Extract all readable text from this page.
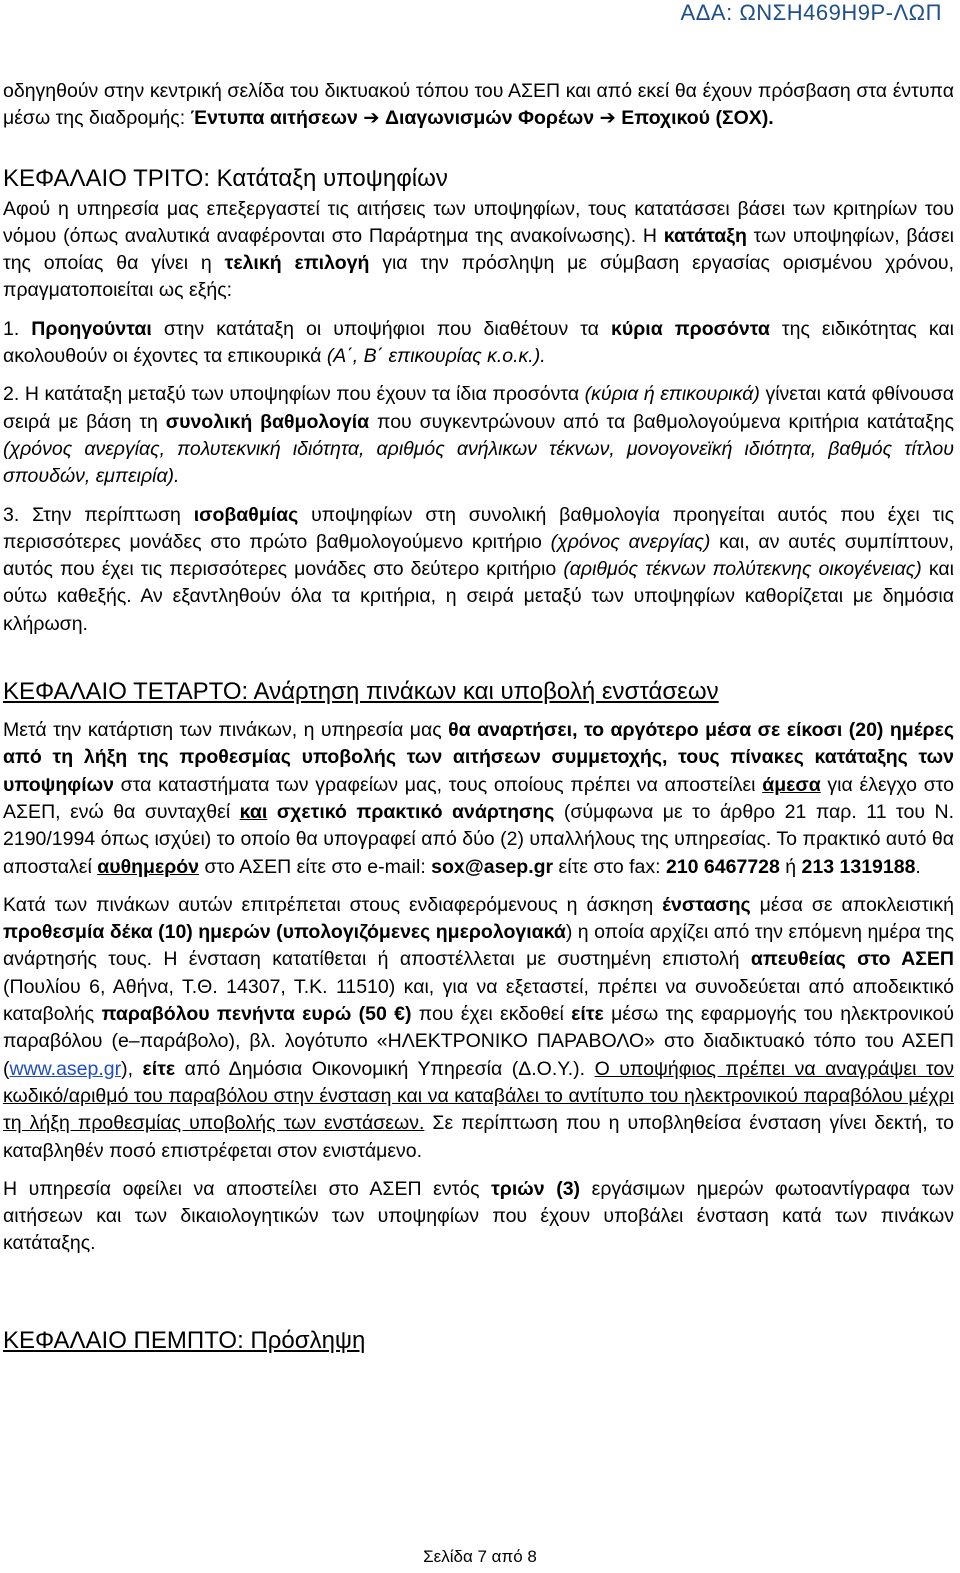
ΑΔΑ: ΩΝΣΗ469Η9Ρ-ΛΩΠ

οδηγηθούν στην κεντρική σελίδα του δικτυακού τόπου του ΑΣΕΠ και από εκεί θα έχουν πρόσβαση στα έντυπα μέσω της διαδρομής: Έντυπα αιτήσεων ➔ Διαγωνισμών Φορέων ➔ Εποχικού (ΣΟΧ).

ΚΕΦΑΛΑΙΟ ΤΡΙΤΟ: Κατάταξη υποψηφίων

Αφού η υπηρεσία μας επεξεργαστεί τις αιτήσεις των υποψηφίων, τους κατατάσσει βάσει των κριτηρίων του νόμου (όπως αναλυτικά αναφέρονται στο Παράρτημα της ανακοίνωσης). Η κατάταξη των υποψηφίων, βάσει της οποίας θα γίνει η τελική επιλογή για την πρόσληψη με σύμβαση εργασίας ορισμένου χρόνου, πραγματοποιείται ως εξής:

1. Προηγούνται στην κατάταξη οι υποψήφιοι που διαθέτουν τα κύρια προσόντα της ειδικότητας και ακολουθούν οι έχοντες τα επικουρικά (Α΄, Β΄ επικουρίας κ.ο.κ.).

2. Η κατάταξη μεταξύ των υποψηφίων που έχουν τα ίδια προσόντα (κύρια ή επικουρικά) γίνεται κατά φθίνουσα σειρά με βάση τη συνολική βαθμολογία που συγκεντρώνουν από τα βαθμολογούμενα κριτήρια κατάταξης (χρόνος ανεργίας, πολυτεκνική ιδιότητα, αριθμός ανήλικων τέκνων, μονογονεϊκή ιδιότητα, βαθμός τίτλου σπουδών, εμπειρία).

3. Στην περίπτωση ισοβαθμίας υποψηφίων στη συνολική βαθμολογία προηγείται αυτός που έχει τις περισσότερες μονάδες στο πρώτο βαθμολογούμενο κριτήριο (χρόνος ανεργίας) και, αν αυτές συμπίπτουν, αυτός που έχει τις περισσότερες μονάδες στο δεύτερο κριτήριο (αριθμός τέκνων πολύτεκνης οικογένειας) και ούτω καθεξής. Αν εξαντληθούν όλα τα κριτήρια, η σειρά μεταξύ των υποψηφίων καθορίζεται με δημόσια κλήρωση.

ΚΕΦΑΛΑΙΟ ΤΕΤΑΡΤΟ: Ανάρτηση πινάκων και υποβολή ενστάσεων

Μετά την κατάρτιση των πινάκων, η υπηρεσία μας θα αναρτήσει, το αργότερο μέσα σε είκοσι (20) ημέρες από τη λήξη της προθεσμίας υποβολής των αιτήσεων συμμετοχής, τους πίνακες κατάταξης των υποψηφίων στα καταστήματα των γραφείων μας, τους οποίους πρέπει να αποστείλει άμεσα για έλεγχο στο ΑΣΕΠ, ενώ θα συνταχθεί και σχετικό πρακτικό ανάρτησης (σύμφωνα με το άρθρο 21 παρ. 11 του Ν. 2190/1994 όπως ισχύει) το οποίο θα υπογραφεί από δύο (2) υπαλλήλους της υπηρεσίας. Το πρακτικό αυτό θα αποσταλεί αυθημερόν στο ΑΣΕΠ είτε στο e-mail: sox@asep.gr είτε στο fax: 210 6467728 ή 213 1319188.

Κατά των πινάκων αυτών επιτρέπεται στους ενδιαφερόμενους η άσκηση ένστασης μέσα σε αποκλειστική προθεσμία δέκα (10) ημερών (υπολογιζόμενες ημερολογιακά) η οποία αρχίζει από την επόμενη ημέρα της ανάρτησής τους. Η ένσταση κατατίθεται ή αποστέλλεται με συστημένη επιστολή απευθείας στο ΑΣΕΠ (Πουλίου 6, Αθήνα, Τ.Θ. 14307, Τ.Κ. 11510) και, για να εξεταστεί, πρέπει να συνοδεύεται από αποδεικτικό καταβολής παραβόλου πενήντα ευρώ (50 €) που έχει εκδοθεί είτε μέσω της εφαρμογής του ηλεκτρονικού παραβόλου (e–παράβολο), βλ. λογότυπο «ΗΛΕΚΤΡΟΝΙΚΟ ΠΑΡΑΒΟΛΟ» στο διαδικτυακό τόπο του ΑΣΕΠ (www.asep.gr), είτε από Δημόσια Οικονομική Υπηρεσία (Δ.Ο.Υ.). Ο υποψήφιος πρέπει να αναγράψει τον κωδικό/αριθμό του παραβόλου στην ένσταση και να καταβάλει το αντίτυπο του ηλεκτρονικού παραβόλου μέχρι τη λήξη προθεσμίας υποβολής των ενστάσεων. Σε περίπτωση που η υποβληθείσα ένσταση γίνει δεκτή, το καταβληθέν ποσό επιστρέφεται στον ενιστάμενο.

Η υπηρεσία οφείλει να αποστείλει στο ΑΣΕΠ εντός τριών (3) εργάσιμων ημερών φωτοαντίγραφα των αιτήσεων και των δικαιολογητικών των υποψηφίων που έχουν υποβάλει ένσταση κατά των πινάκων κατάταξης.

ΚΕΦΑΛΑΙΟ ΠΕΜΠΤΟ: Πρόσληψη
Σελίδα 7 από 8
